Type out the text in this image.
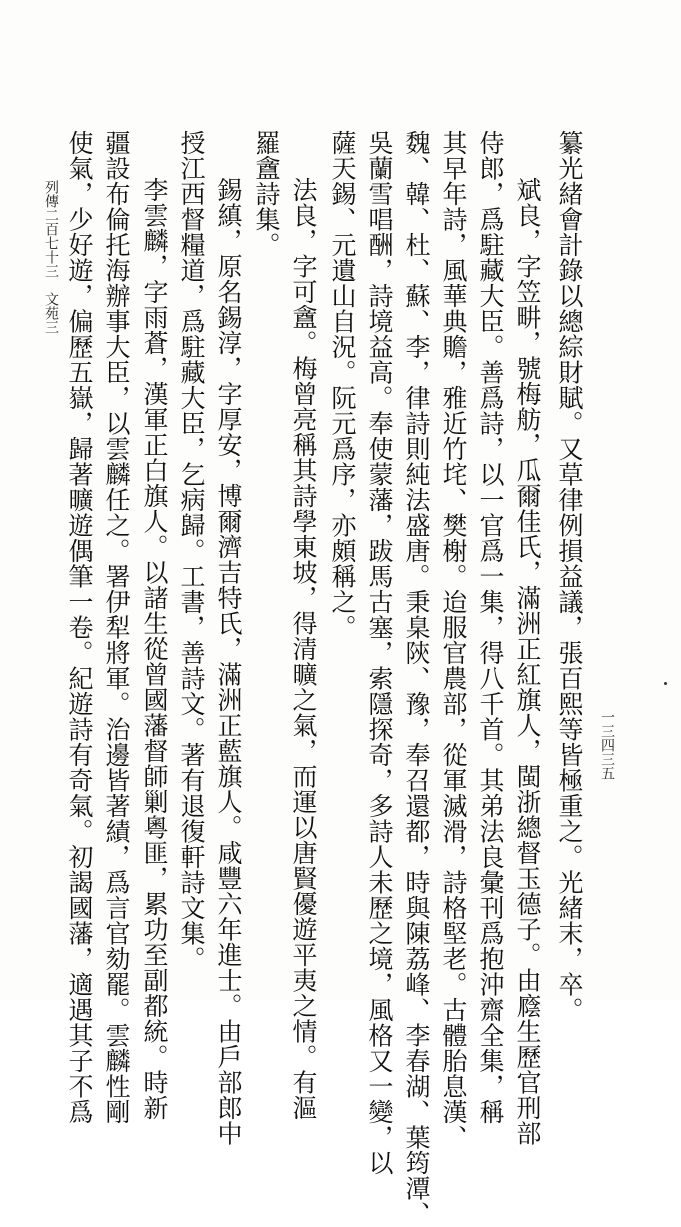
纂光緒會計錄以總綜財賦。又草律例損益議，張百熙等皆極重之。光緒末，卒。
斌良，字笠畊，號梅舫，瓜爾佳氏，滿洲正紅旗人，閩浙總督玉德子。由廕生歷官刑部
侍郎，爲駐藏大臣。善爲詩，以一官爲一集，得八千首。其弟法良彙刊爲抱沖齋全集，稱
其早年詩，風華典贍，雅近竹垞、樊榭。迨服官農部，從軍滅滑，詩格堅老。古體胎息漢、
魏、韓、杜、蘇、李，律詩則純法盛唐。秉臬陝、豫，奉召還都，時與陳荔峰、李春湖、葉筠潭、
吳蘭雪唱酬，詩境益高。奉使蒙藩，跋馬古塞，索隱探奇，多詩人未歷之境，風格又一變，以
薩天錫、元遺山自況。阮元爲序，亦頗稱之。
法良，字可盦。梅曾亮稱其詩學東坡，得清曠之氣，而運以唐賢優遊平夷之情。有漚
羅盦詩集。
錫縝，原名錫淳，字厚安，博爾濟吉特氏，滿洲正藍旗人。咸豐六年進士。由戶部郎中
授江西督糧道，爲駐藏大臣，乞病歸。工書，善詩文。著有退復軒詩文集。
李雲麟，字雨蒼，漢軍正白旗人。以諸生從曾國藩督師剿粵匪，累功至副都統。時新
疆設布倫托海辦事大臣，以雲麟任之。署伊犁將軍。治邊皆著績，爲言官劾罷。雲麟性剛
使氣，少好遊，偏歷五嶽，歸著曠遊偶筆一卷。紀遊詩有奇氣。初謁國藩，適遇其子不爲
列傳二百七十三　文苑三
一三四三五
